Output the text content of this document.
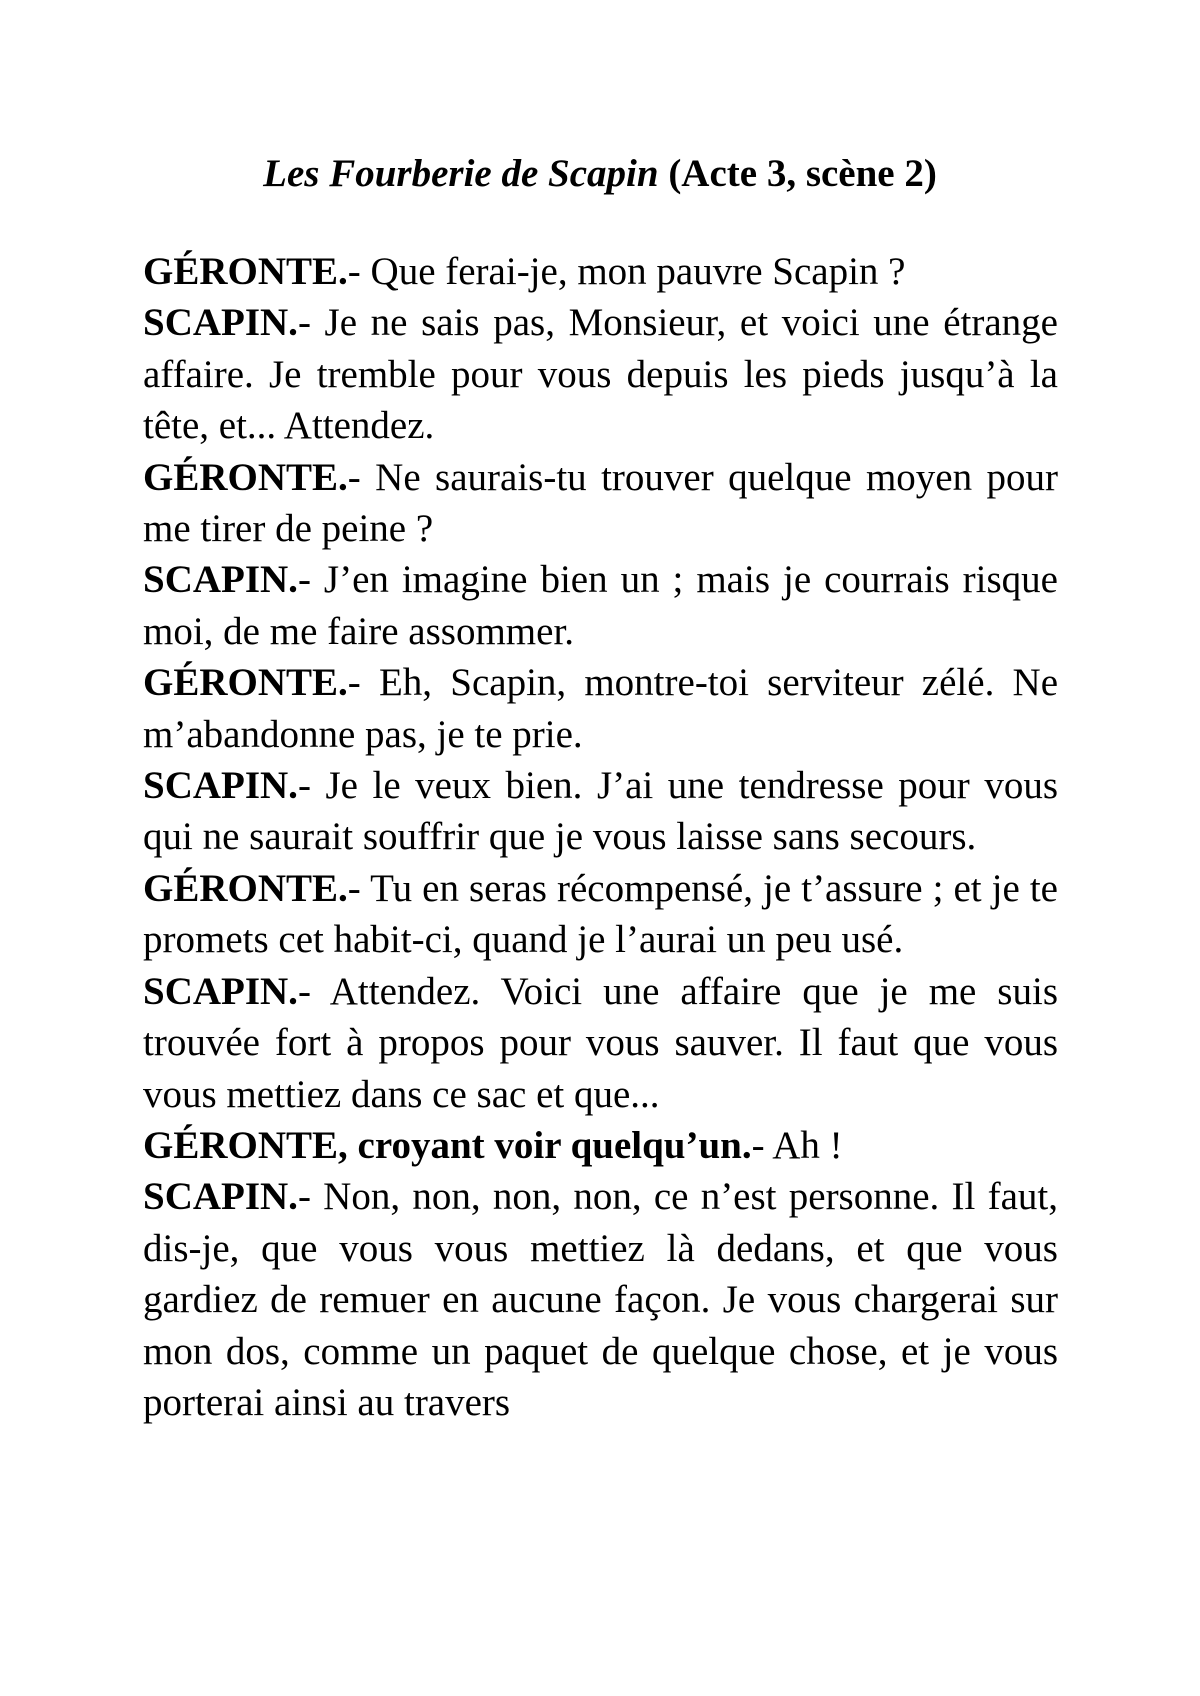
Les Fourberie de Scapin (Acte 3, scène 2)

GÉRONTE.- Que ferai-je, mon pauvre Scapin ?

SCAPIN.- Je ne sais pas, Monsieur, et voici une étrange affaire. Je tremble pour vous depuis les pieds jusqu’à la tête, et... Attendez.

GÉRONTE.- Ne saurais-tu trouver quelque moyen pour me tirer de peine ?

SCAPIN.- J’en imagine bien un ; mais je courrais risque moi, de me faire assommer.

GÉRONTE.- Eh, Scapin, montre-toi serviteur zélé. Ne m’abandonne pas, je te prie.

SCAPIN.- Je le veux bien. J’ai une tendresse pour vous qui ne saurait souffrir que je vous laisse sans secours.

GÉRONTE.- Tu en seras récompensé, je t’assure ; et je te promets cet habit-ci, quand je l’aurai un peu usé.

SCAPIN.- Attendez. Voici une affaire que je me suis trouvée fort à propos pour vous sauver. Il faut que vous vous mettiez dans ce sac et que...

GÉRONTE, croyant voir quelqu’un.- Ah !

SCAPIN.- Non, non, non, non, ce n’est personne. Il faut, dis-je, que vous vous mettiez là dedans, et que vous gardiez de remuer en aucune façon. Je vous chargerai sur mon dos, comme un paquet de quelque chose, et je vous porterai ainsi au travers
